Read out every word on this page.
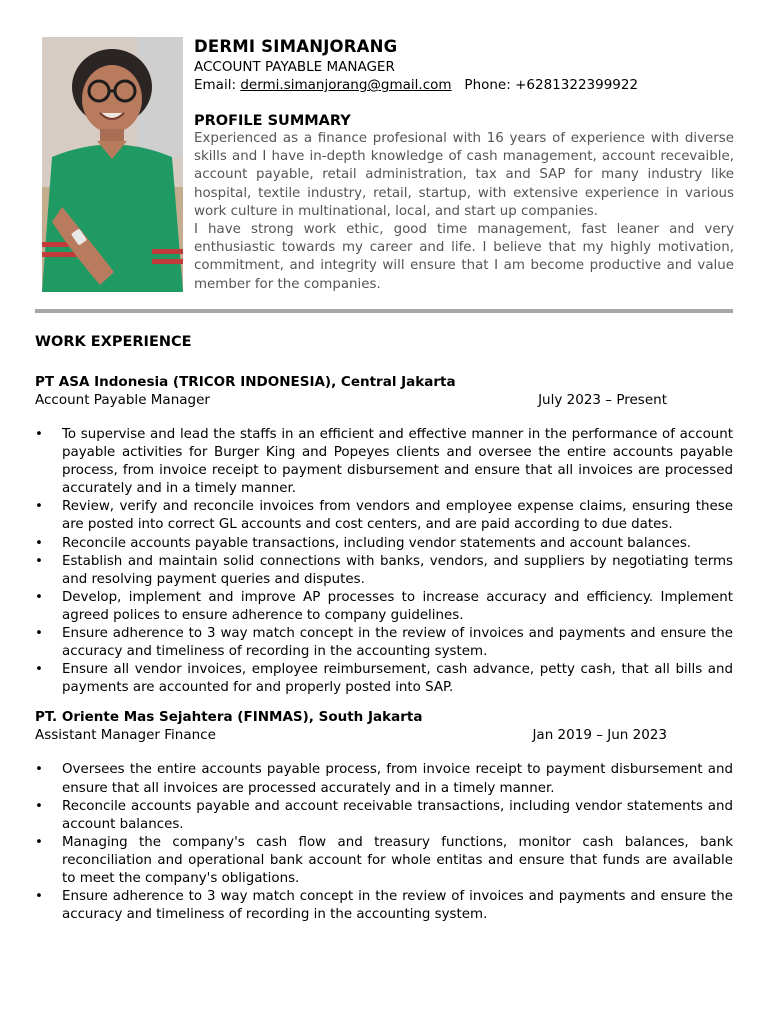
DERMI SIMANJORANG
ACCOUNT PAYABLE MANAGER
Email: dermi.simanjorang@gmail.com Phone: +6281322399922
PROFILE SUMMARY
Experienced as a finance profesional with 16 years of experience with diverse skills and I have in-depth knowledge of cash management, account recevaible, account payable, retail administration, tax and SAP for many industry like hospital, textile industry, retail, startup, with extensive experience in various work culture in multinational, local, and start up companies.
I have strong work ethic, good time management, fast leaner and very enthusiastic towards my career and life. I believe that my highly motivation, commitment, and integrity will ensure that I am become productive and value member for the companies.
WORK EXPERIENCE
PT ASA Indonesia (TRICOR INDONESIA), Central Jakarta
Account Payable Manager	July 2023 – Present
• To supervise and lead the staffs in an efficient and effective manner in the performance of account payable activities for Burger King and Popeyes clients and oversee the entire accounts payable process, from invoice receipt to payment disbursement and ensure that all invoices are processed accurately and in a timely manner.
• Review, verify and reconcile invoices from vendors and employee expense claims, ensuring these are posted into correct GL accounts and cost centers, and are paid according to due dates.
• Reconcile accounts payable transactions, including vendor statements and account balances.
• Establish and maintain solid connections with banks, vendors, and suppliers by negotiating terms and resolving payment queries and disputes.
• Develop, implement and improve AP processes to increase accuracy and efficiency. Implement agreed polices to ensure adherence to company guidelines.
• Ensure adherence to 3 way match concept in the review of invoices and payments and ensure the accuracy and timeliness of recording in the accounting system.
• Ensure all vendor invoices, employee reimbursement, cash advance, petty cash, that all bills and payments are accounted for and properly posted into SAP.
PT. Oriente Mas Sejahtera (FINMAS), South Jakarta
Assistant Manager Finance	Jan 2019 – Jun 2023
• Oversees the entire accounts payable process, from invoice receipt to payment disbursement and ensure that all invoices are processed accurately and in a timely manner.
• Reconcile accounts payable and account receivable transactions, including vendor statements and account balances.
• Managing the company's cash flow and treasury functions, monitor cash balances, bank reconciliation and operational bank account for whole entitas and ensure that funds are available to meet the company's obligations.
• Ensure adherence to 3 way match concept in the review of invoices and payments and ensure the accuracy and timeliness of recording in the accounting system.
